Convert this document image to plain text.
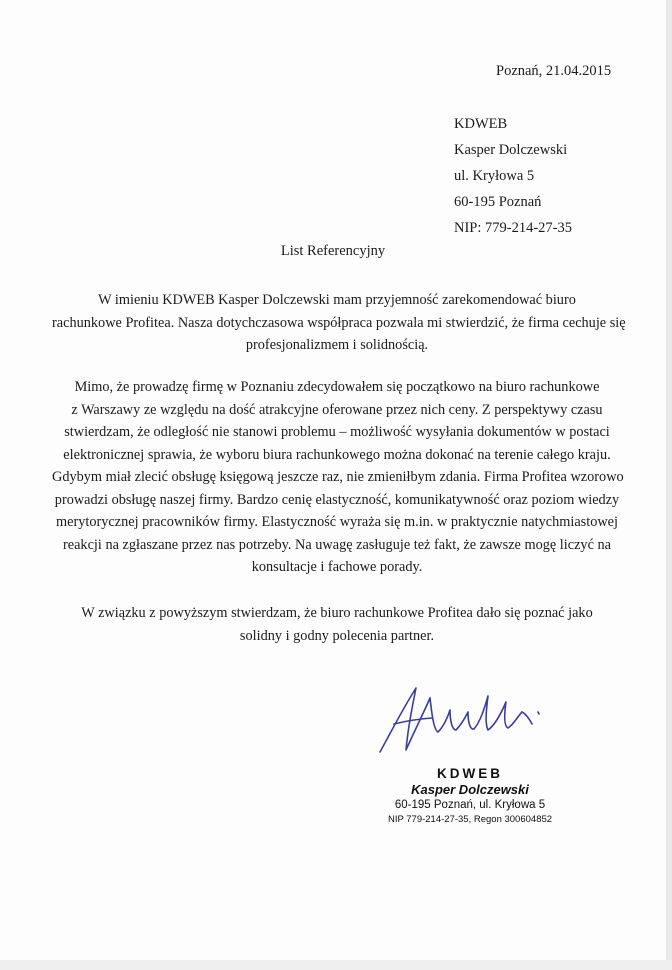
Poznań, 21.04.2015
KDWEB
Kasper Dolczewski
ul. Kryłowa 5
60-195 Poznań
NIP: 779-214-27-35
List Referencyjny
W imieniu KDWEB Kasper Dolczewski mam przyjemność zarekomendować biuro
rachunkowe Profitea. Nasza dotychczasowa współpraca pozwala mi stwierdzić, że firma cechuje się
profesjonalizmem i solidnością.
Mimo, że prowadzę firmę w Poznaniu zdecydowałem się początkowo na biuro rachunkowe
z Warszawy ze względu na dość atrakcyjne oferowane przez nich ceny. Z perspektywy czasu
stwierdzam, że odległość nie stanowi problemu – możliwość wysyłania dokumentów w postaci
elektronicznej sprawia, że wyboru biura rachunkowego można dokonać na terenie całego kraju.
Gdybym miał zlecić obsługę księgową jeszcze raz, nie zmieniłbym zdania. Firma Profitea wzorowo
prowadzi obsługę naszej firmy. Bardzo cenię elastyczność, komunikatywność oraz poziom wiedzy
merytorycznej pracowników firmy. Elastyczność wyraża się m.in. w praktycznie natychmiastowej
reakcji na zgłaszane przez nas potrzeby. Na uwagę zasługuje też fakt, że zawsze mogę liczyć na
konsultacje i fachowe porady.
W związku z powyższym stwierdzam, że biuro rachunkowe Profitea dało się poznać jako
solidny i godny polecenia partner.
KDWEB
Kasper Dolczewski
60-195 Poznań, ul. Kryłowa 5
NIP 779-214-27-35, Regon 300604852
